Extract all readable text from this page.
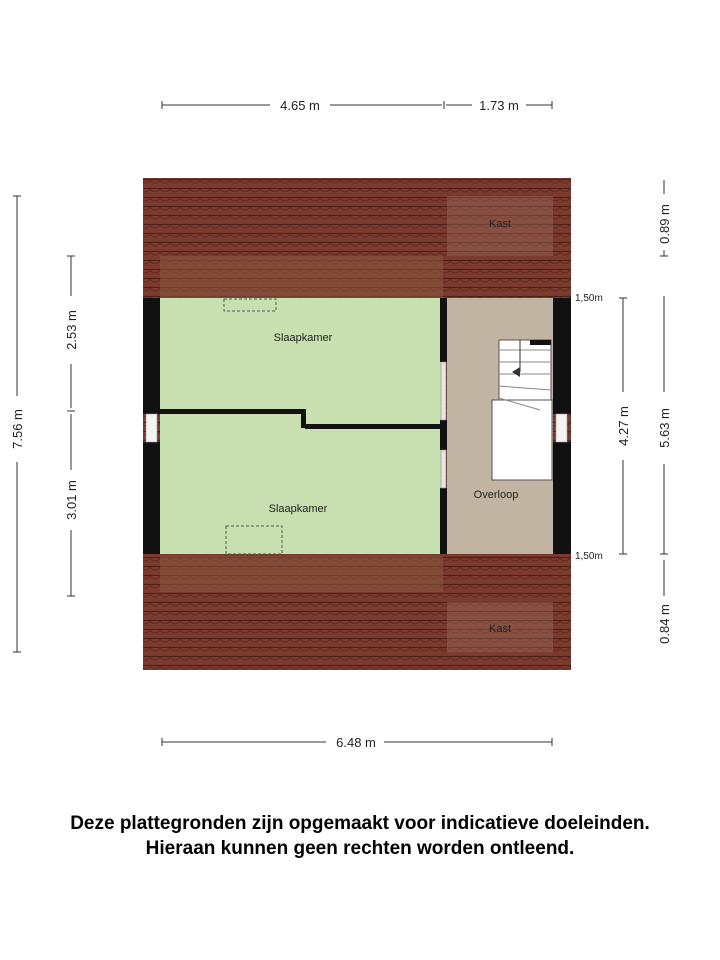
4.65 m	1.73 m
Kast
Slaapkamer
Slaapkamer
Overloop
Kast
1,50m
1,50m
7.56 m
2.53 m
3.01 m
0.89 m
4.27 m 5.63 m
0.84 m
6.48 m
Deze plattegronden zijn opgemaakt voor indicatieve doeleinden.
Hieraan kunnen geen rechten worden ontleend.
